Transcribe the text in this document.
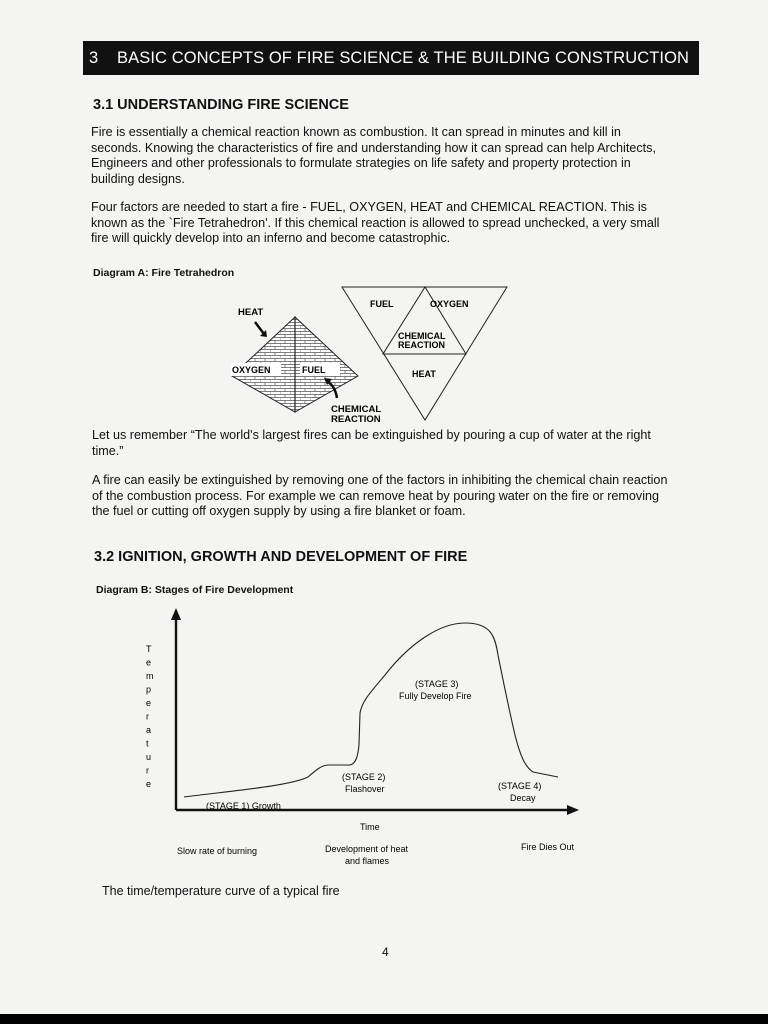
3	BASIC CONCEPTS OF FIRE SCIENCE & THE BUILDING CONSTRUCTION
3.1 UNDERSTANDING FIRE SCIENCE

Fire is essentially a chemical reaction known as combustion. It can spread in minutes and kill in seconds. Knowing the characteristics of fire and understanding how it can spread can help Architects, Engineers and other professionals to formulate strategies on life safety and property protection in building designs.

Four factors are needed to start a fire - FUEL, OXYGEN, HEAT and CHEMICAL REACTION. This is known as the `Fire Tetrahedron'. If this chemical reaction is allowed to spread unchecked, a very small fire will quickly develop into an inferno and become catastrophic.

Diagram A: Fire Tetrahedron
HEAT
OXYGEN	FUEL
CHEMICAL
REACTION
FUEL	OXYGEN
CHEMICAL
REACTION
HEAT

Let us remember “The world's largest fires can be extinguished by pouring a cup of water at the right time.”

A fire can easily be extinguished by removing one of the factors in inhibiting the chemical chain reaction of the combustion process. For example we can remove heat by pouring water on the fire or removing the fuel or cutting off oxygen supply by using a fire blanket or foam.

3.2 IGNITION, GROWTH AND DEVELOPMENT OF FIRE
Diagram B: Stages of Fire Development
T
e
m
p
e
r
a
t
u
r
e
(STAGE 1) Growth
(STAGE 2)
Flashover
(STAGE 3)
Fully Develop Fire
(STAGE 4)
Decay
Time
Slow rate of burning	Development of heat
and flames
Fire Dies Out
The time/temperature curve of a typical fire
4
